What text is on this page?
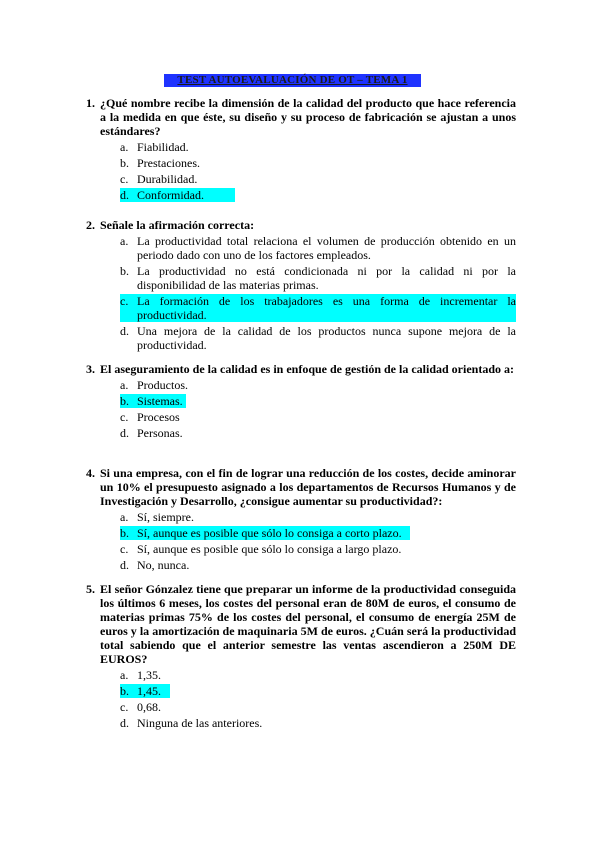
TEST AUTOEVALUACIÓN DE OT – TEMA 1
1. ¿Qué nombre recibe la dimensión de la calidad del producto que hace referencia a la medida en que éste, su diseño y su proceso de fabricación se ajustan a unos estándares?
a. Fiabilidad.
b. Prestaciones.
c. Durabilidad.
d. Conformidad.
2. Señale la afirmación correcta:
a. La productividad total relaciona el volumen de producción obtenido en un periodo dado con uno de los factores empleados.
b. La productividad no está condicionada ni por la calidad ni por la disponibilidad de las materias primas.
c. La formación de los trabajadores es una forma de incrementar la productividad.
d. Una mejora de la calidad de los productos nunca supone mejora de la productividad.
3. El aseguramiento de la calidad es in enfoque de gestión de la calidad orientado a:
a. Productos.
b. Sistemas.
c. Procesos
d. Personas.
4. Si una empresa, con el fin de lograr una reducción de los costes, decide aminorar un 10% el presupuesto asignado a los departamentos de Recursos Humanos y de Investigación y Desarrollo, ¿consigue aumentar su productividad?:
a. Sí, siempre.
b. Sí, aunque es posible que sólo lo consiga a corto plazo.
c. Sí, aunque es posible que sólo lo consiga a largo plazo.
d. No, nunca.
5. El señor Gónzalez tiene que preparar un informe de la productividad conseguida los últimos 6 meses, los costes del personal eran de 80M de euros, el consumo de materias primas 75% de los costes del personal, el consumo de energía 25M de euros y la amortización de maquinaria 5M de euros. ¿Cuán será la productividad total sabiendo que el anterior semestre las ventas ascendieron a 250M DE EUROS?
a. 1,35.
b. 1,45.
c. 0,68.
d. Ninguna de las anteriores.
